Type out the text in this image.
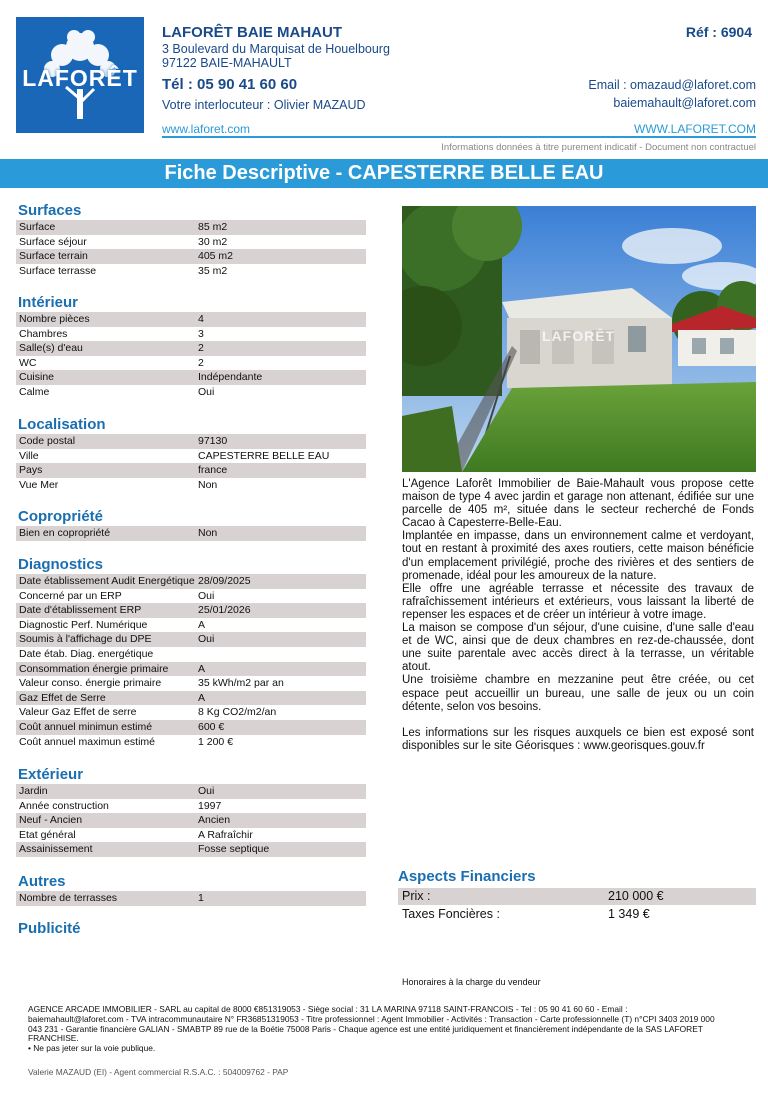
LAFORÊT
LAFORÊT BAIE MAHAUT
3 Boulevard du Marquisat de Houelbourg
97122 BAIE-MAHAULT
Tél : 05 90 41 60 60
Votre interlocuteur : Olivier MAZAUD
Réf : 6904
Email : omazaud@laforet.com
baiemahault@laforet.com
www.laforet.com	WWW.LAFORET.COM
Informations données à titre purement indicatif - Document non contractuel
Fiche Descriptive - CAPESTERRE BELLE EAU
Surfaces
Surface	85 m2
Surface séjour	30 m2
Surface terrain	405 m2
Surface terrasse	35 m2
Intérieur
Nombre pièces	4
Chambres	3
Salle(s) d'eau	2
WC	2
Cuisine	Indépendante
Calme	Oui
Localisation
Code postal	97130
Ville	CAPESTERRE BELLE EAU
Pays	france
Vue Mer	Non
Copropriété
Bien en copropriété	Non
Diagnostics
Date établissement Audit Energétique 28/09/2025
Concerné par un ERP	Oui
Date d'établissement ERP	25/01/2026
Diagnostic Perf. Numérique	A
Soumis à l'affichage du DPE	Oui
Date étab. Diag. energétique
Consommation énergie primaire	A
Valeur conso. énergie primaire	35 kWh/m2 par an
Gaz Effet de Serre	A
Valeur Gaz Effet de serre	8 Kg CO2/m2/an
Coût annuel minimun estimé	600 €
Coût annuel maximun estimé	1 200 €
Extérieur
Jardin	Oui
Année construction	1997
Neuf - Ancien	Ancien
Etat général	A Rafraîchir
Assainissement	Fosse septique
Autres
Nombre de terrasses	1
Publicité
LAFORÊT

L'Agence Laforêt Immobilier de Baie-Mahault vous propose cette maison de type 4 avec jardin et garage non attenant, édifiée sur une parcelle de 405 m², située dans le secteur recherché de Fonds Cacao à Capesterre-Belle-Eau.

Implantée en impasse, dans un environnement calme et verdoyant, tout en restant à proximité des axes routiers, cette maison bénéficie d'un emplacement privilégié, proche des rivières et des sentiers de promenade, idéal pour les amoureux de la nature.

Elle offre une agréable terrasse et nécessite des travaux de rafraîchissement intérieurs et extérieurs, vous laissant la liberté de repenser les espaces et de créer un intérieur à votre image.

La maison se compose d'un séjour, d'une cuisine, d'une salle d'eau et de WC, ainsi que de deux chambres en rez-de-chaussée, dont une suite parentale avec accès direct à la terrasse, un véritable atout.

Une troisième chambre en mezzanine peut être créée, ou cet espace peut accueillir un bureau, une salle de jeux ou un coin détente, selon vos besoins.

Les informations sur les risques auxquels ce bien est exposé sont disponibles sur le site Géorisques : www.georisques.gouv.fr

Aspects Financiers
Prix :	210 000 €
Taxes Foncières :	1 349 €
Honoraires à la charge du vendeur
AGENCE ARCADE IMMOBILIER - SARL au capital de 8000 €851319053 - Siège social : 31 LA MARINA 97118 SAINT-FRANCOIS - Tel : 05 90 41 60 60 - Email : baiemahault@laforet.com - TVA intracommunautaire N° FR36851319053 - Titre professionnel : Agent Immobilier - Activités : Transaction - Carte professionnelle (T) n°CPI 3403 2019 000 043 231 - Garantie financière GALIAN - SMABTP 89 rue de la Boétie 75008 Paris - Chaque agence est une entité juridiquement et financièrement indépendante de la SAS LAFORET FRANCHISE.
• Ne pas jeter sur la voie publique.
Valerie MAZAUD (EI) - Agent commercial R.S.A.C. : 504009762 - PAP
